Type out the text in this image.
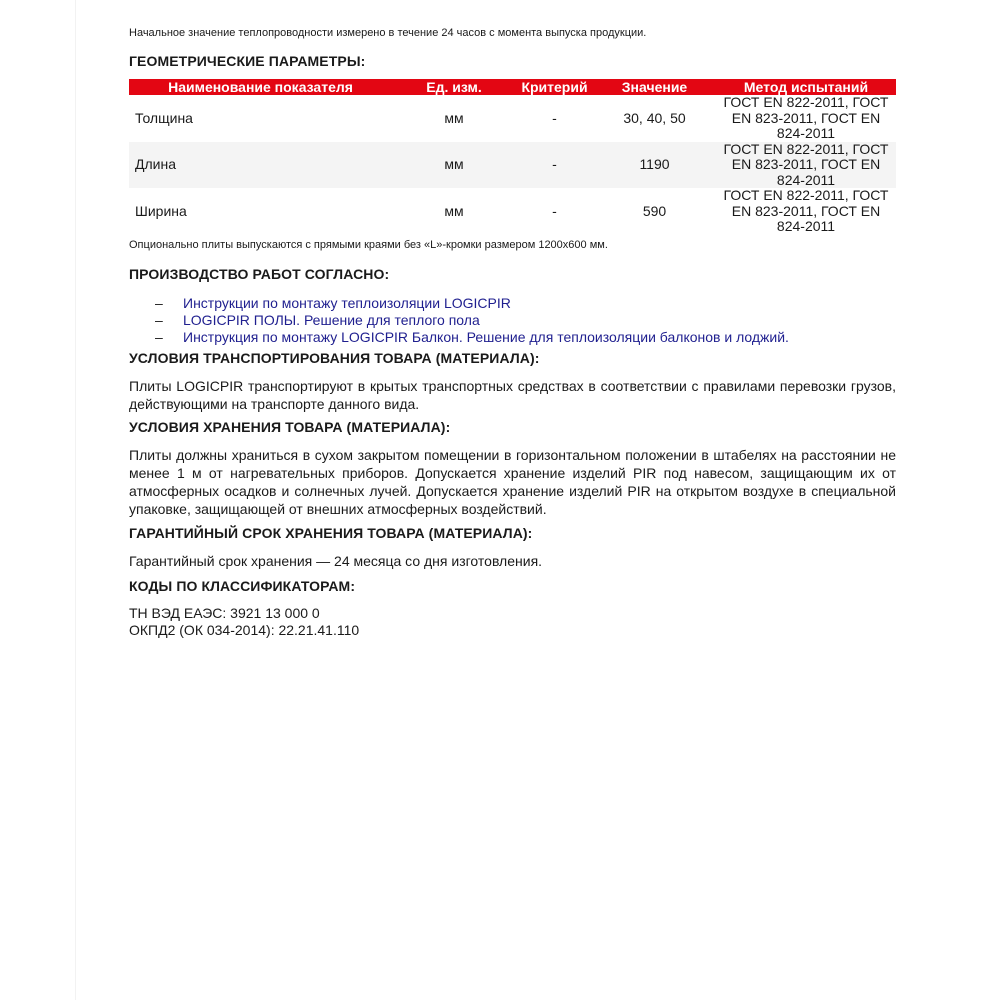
Начальное значение теплопроводности измерено в течение 24 часов с момента выпуска продукции.

ГЕОМЕТРИЧЕСКИЕ ПАРАМЕТРЫ:

Наименование показателя	Ед. изм.	Критерий	Значение	Метод испытаний
Толщина	мм	-	30, 40, 50	ГОСТ EN 822-2011, ГОСТ EN 823-2011, ГОСТ EN 824-2011
Длина	мм	-	1190	ГОСТ EN 822-2011, ГОСТ EN 823-2011, ГОСТ EN 824-2011
Ширина	мм	-	590	ГОСТ EN 822-2011, ГОСТ EN 823-2011, ГОСТ EN 824-2011

Опционально плиты выпускаются с прямыми краями без «L»-кромки размером 1200х600 мм.

ПРОИЗВОДСТВО РАБОТ СОГЛАСНО:

– Инструкции по монтажу теплоизоляции LOGICPIR
– LOGICPIR ПОЛЫ. Решение для теплого пола
– Инструкция по монтажу LOGICPIR Балкон. Решение для теплоизоляции балконов и лоджий.

УСЛОВИЯ ТРАНСПОРТИРОВАНИЯ ТОВАРА (МАТЕРИАЛА):

Плиты LOGICPIR транспортируют в крытых транспортных средствах в соответствии с правилами перевозки грузов, действующими на транспорте данного вида.

УСЛОВИЯ ХРАНЕНИЯ ТОВАРА (МАТЕРИАЛА):

Плиты должны храниться в сухом закрытом помещении в горизонтальном положении в штабелях на расстоянии не менее 1 м от нагревательных приборов. Допускается хранение изделий PIR под навесом, защищающим их от атмосферных осадков и солнечных лучей. Допускается хранение изделий PIR на открытом воздухе в специальной упаковке, защищающей от внешних атмосферных воздействий.

ГАРАНТИЙНЫЙ СРОК ХРАНЕНИЯ ТОВАРА (МАТЕРИАЛА):

Гарантийный срок хранения — 24 месяца со дня изготовления.

КОДЫ ПО КЛАССИФИКАТОРАМ:

ТН ВЭД ЕАЭС: 3921 13 000 0
ОКПД2 (ОК 034-2014): 22.21.41.110
